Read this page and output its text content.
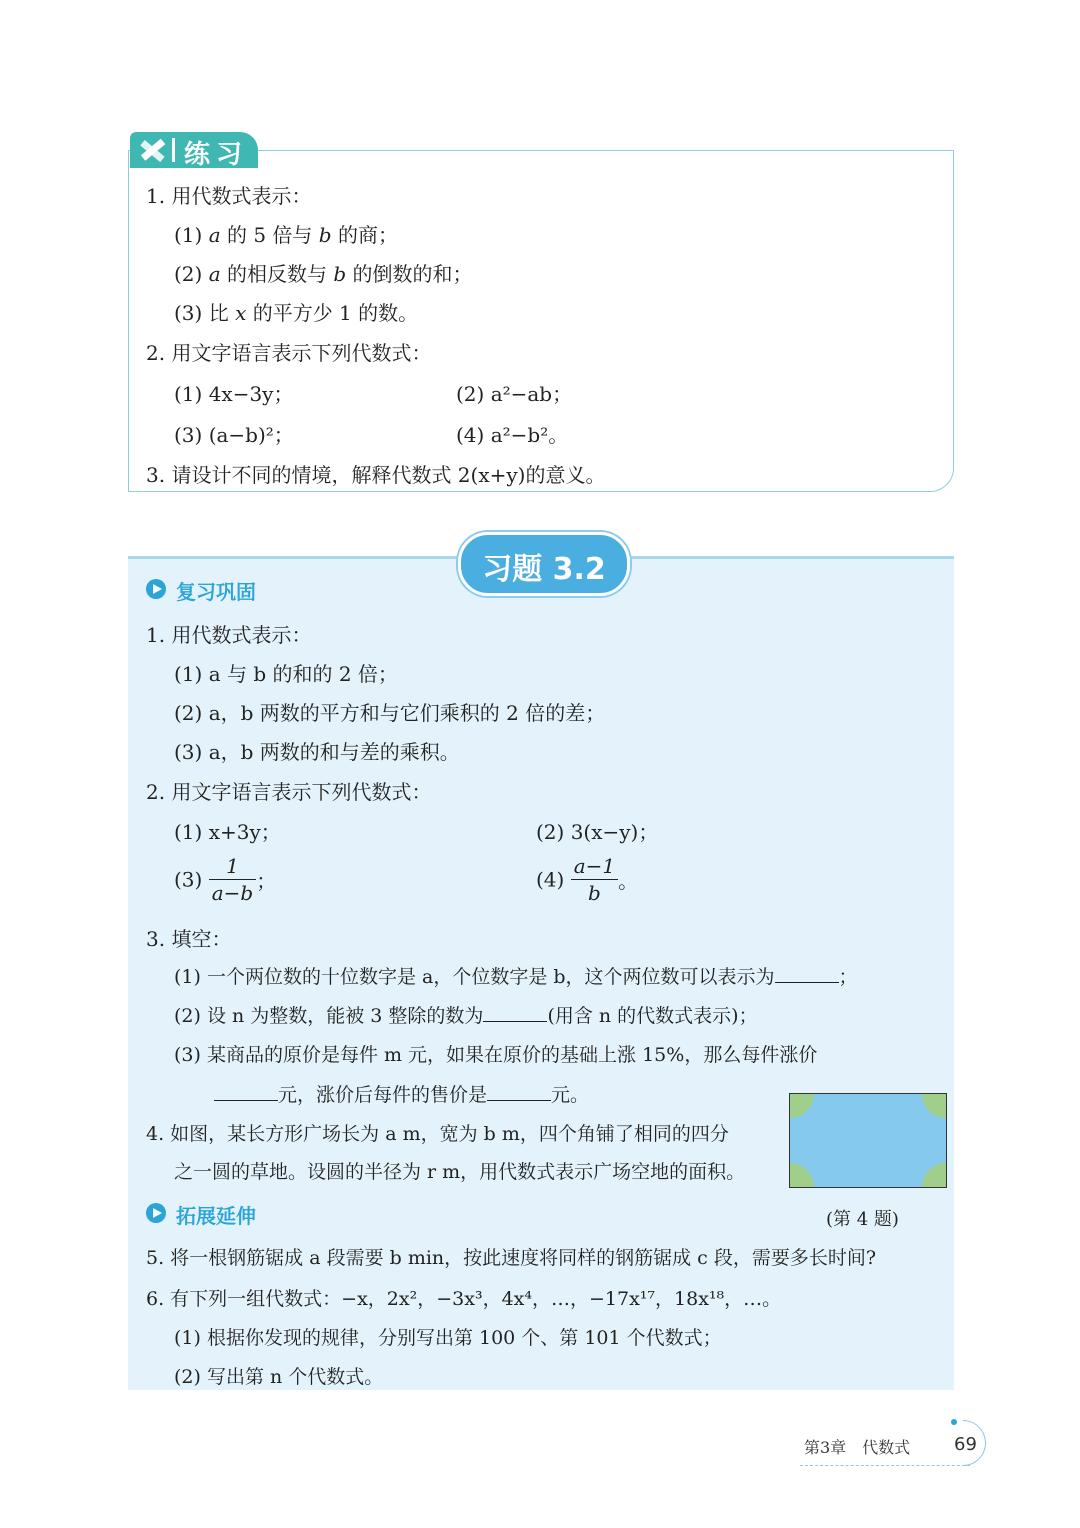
练习
1. 用代数式表示：
(1) a 的 5 倍与 b 的商；
(2) a 的相反数与 b 的倒数的和；
(3) 比 x 的平方少 1 的数。
2. 用文字语言表示下列代数式：
(1) 4x−3y；	(2) a²−ab；
(3) (a−b)²；	(4) a²−b²。
3. 请设计不同的情境，解释代数式 2(x+y)的意义。
习题 3.2
复习巩固
1. 用代数式表示：
(1) a 与 b 的和的 2 倍；
(2) a，b 两数的平方和与它们乘积的 2 倍的差；
(3) a，b 两数的和与差的乘积。
2. 用文字语言表示下列代数式：
(1) x+3y；	(2) 3(x−y)；
$(3) \frac{1}{a-b}$ ；	$(4) \frac{a-1}{b}$ 。
3. 填空：
(1) 一个两位数的十位数字是 a，个位数字是 b，这个两位数可以表示为	；
(2) 设 n 为整数，能被 3 整除的数为	(用含 n 的代数式表示)；
(3) 某商品的原价是每件 m 元，如果在原价的基础上涨 15%，那么每件涨价
元，涨价后每件的售价是	元。
4. 如图，某长方形广场长为 a m，宽为 b m，四个角铺了相同的四分
之一圆的草地。设圆的半径为 r m，用代数式表示广场空地的面积。
(第 4 题)
拓展延伸
5. 将一根钢筋锯成 a 段需要 b min，按此速度将同样的钢筋锯成 c 段，需要多长时间?
6. 有下列一组代数式：−x，2x²，−3x³，4x⁴，…，−17x¹⁷，18x¹⁸，…。
(1) 根据你发现的规律，分别写出第 100 个、第 101 个代数式；
(2) 写出第 n 个代数式。
第3章　代数式 69
